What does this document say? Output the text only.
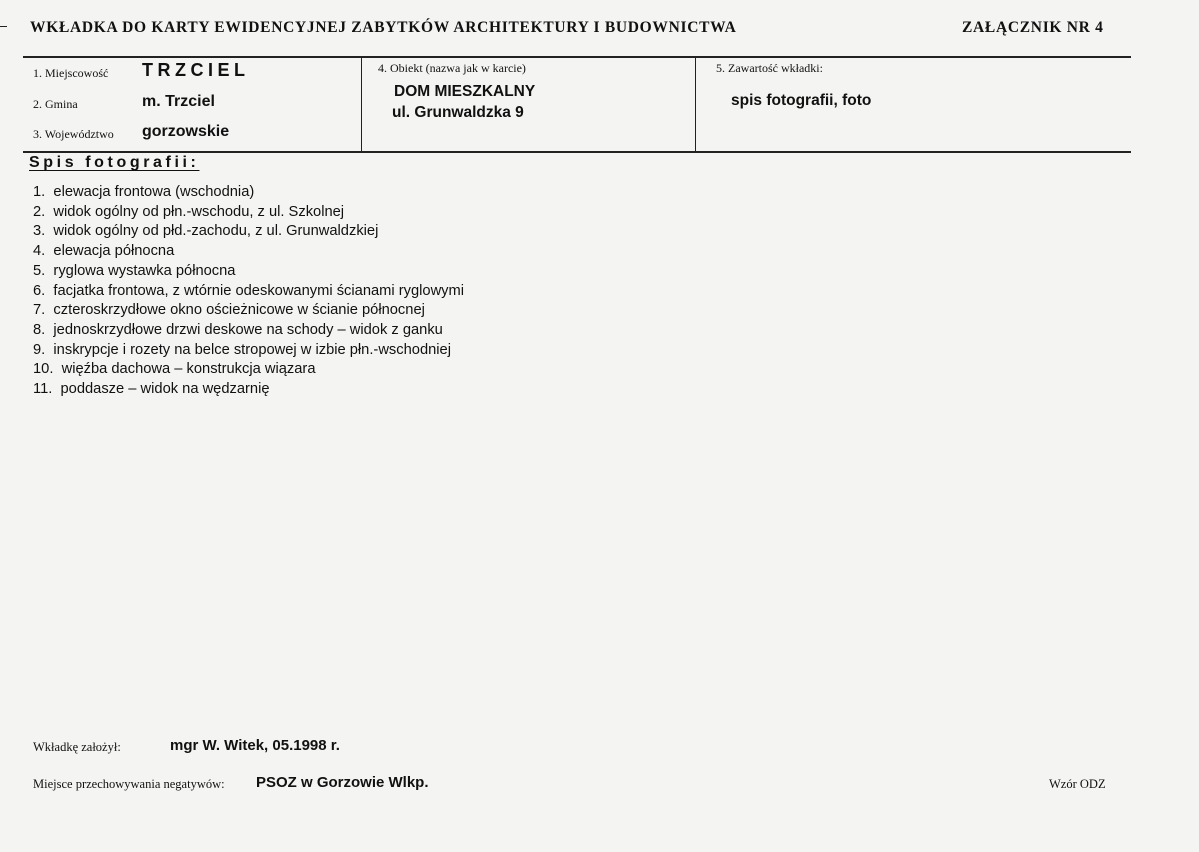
WKŁADKA DO KARTY EWIDENCYJNEJ ZABYTKÓW ARCHITEKTURY I BUDOWNICTWA	ZAŁĄCZNIK NR 4
1. Miejscowość TRZCIEL
2. Gmina	m. Trzciel
3. Województwo gorzowskie
4. Obiekt (nazwa jak w karcie)
DOM MIESZKALNY
ul. Grunwaldzka 9
5. Zawartość wkładki:
spis fotografii, foto
Spis fotografii:
1. elewacja frontowa (wschodnia)
2. widok ogólny od płn.-wschodu, z ul. Szkolnej
3. widok ogólny od płd.-zachodu, z ul. Grunwaldzkiej
4. elewacja północna
5. ryglowa wystawka północna
6. facjatka frontowa, z wtórnie odeskowanymi ścianami ryglowymi
7. czteroskrzydłowe okno ościeżnicowe w ścianie północnej
8. jednoskrzydłowe drzwi deskowe na schody – widok z ganku
9. inskrypcje i rozety na belce stropowej w izbie płn.-wschodniej
10. więźba dachowa – konstrukcja wiązara
11. poddasze – widok na wędzarnię
Wkładkę założył:	mgr W. Witek, 05.1998 r.
Miejsce przechowywania negatywów: PSOZ w Gorzowie Wlkp.	Wzór ODZ
